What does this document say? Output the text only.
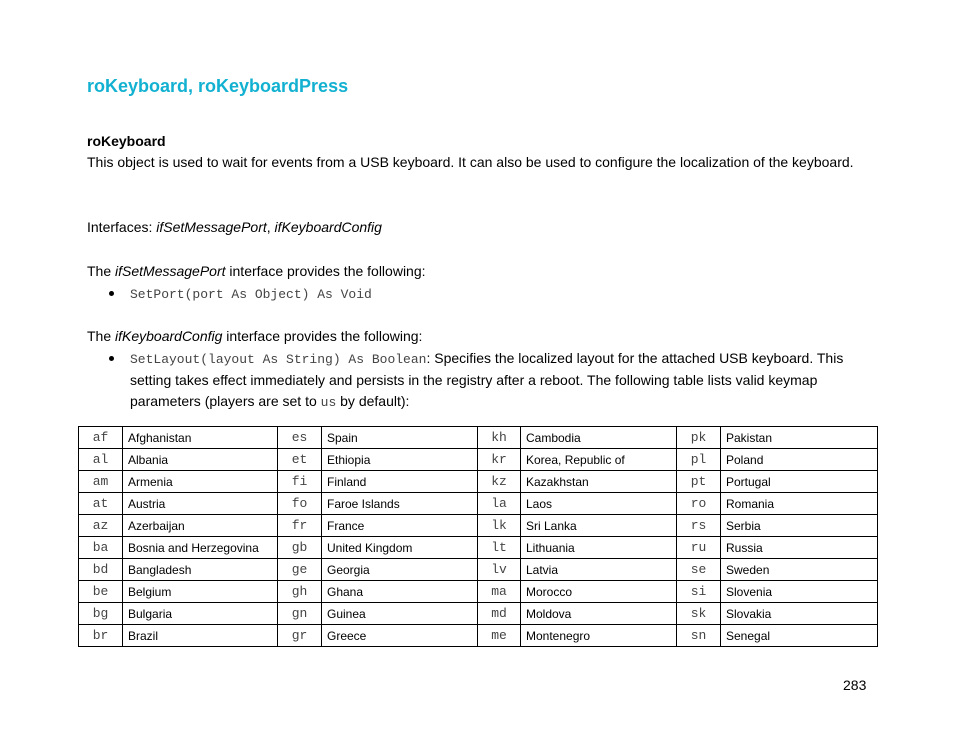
roKeyboard, roKeyboardPress
roKeyboard
This object is used to wait for events from a USB keyboard. It can also be used to configure the localization of the keyboard.
Interfaces: ifSetMessagePort, ifKeyboardConfig
The ifSetMessagePort interface provides the following:
SetPort(port As Object) As Void
The ifKeyboardConfig interface provides the following:
SetLayout(layout As String) As Boolean: Specifies the localized layout for the attached USB keyboard. This setting takes effect immediately and persists in the registry after a reboot. The following table lists valid keymap parameters (players are set to us by default):
af	Afghanistan	es	Spain	kh	Cambodia	pk	Pakistan
al	Albania	et	Ethiopia	kr	Korea, Republic of	pl	Poland
am	Armenia	fi	Finland	kz	Kazakhstan	pt	Portugal
at	Austria	fo	Faroe Islands	la	Laos	ro	Romania
az	Azerbaijan	fr	France	lk	Sri Lanka	rs	Serbia
ba	Bosnia and Herzegovina	gb	United Kingdom	lt	Lithuania	ru	Russia
bd	Bangladesh	ge	Georgia	lv	Latvia	se	Sweden
be	Belgium	gh	Ghana	ma	Morocco	si	Slovenia
bg	Bulgaria	gn	Guinea	md	Moldova	sk	Slovakia
br	Brazil	gr	Greece	me	Montenegro	sn	Senegal
283
